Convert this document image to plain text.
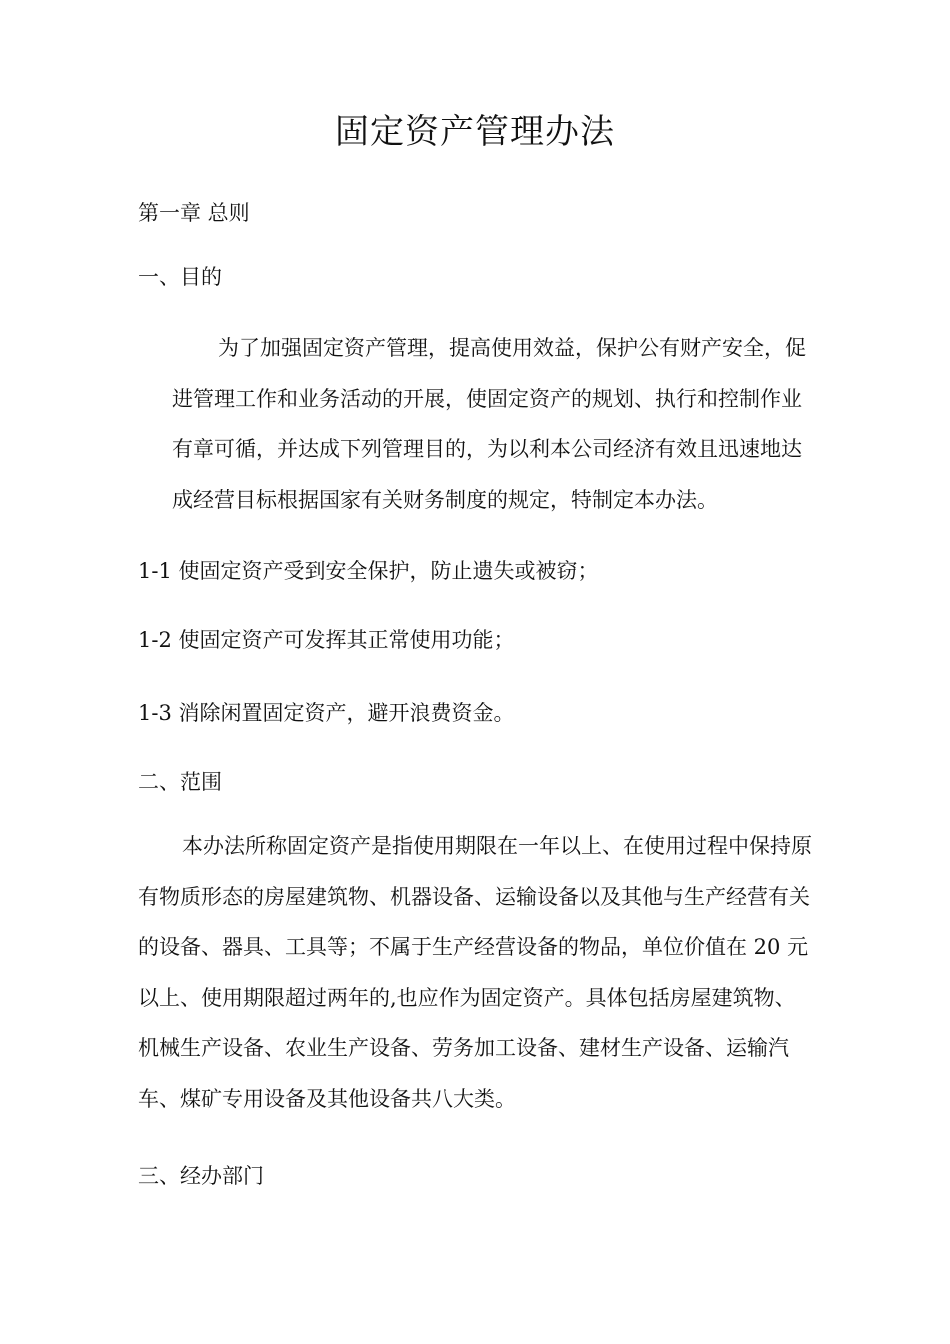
固定资产管理办法

第一章 总则

一、目的

为了加强固定资产管理，提高使用效益，保护公有财产安全，促
进管理工作和业务活动的开展，使固定资产的规划、执行和控制作业
有章可循，并达成下列管理目的，为以利本公司经济有效且迅速地达
成经营目标根据国家有关财务制度的规定，特制定本办法。

1-1 使固定资产受到安全保护，防止遗失或被窃；

1-2 使固定资产可发挥其正常使用功能；

1-3 消除闲置固定资产，避开浪费资金。

二、范围

本办法所称固定资产是指使用期限在一年以上、在使用过程中保持原
有物质形态的房屋建筑物、机器设备、运输设备以及其他与生产经营有关
的设备、器具、工具等；不属于生产经营设备的物品，单位价值在 20 元
以上、使用期限超过两年的,也应作为固定资产。具体包括房屋建筑物、
机械生产设备、农业生产设备、劳务加工设备、建材生产设备、运输汽
车、煤矿专用设备及其他设备共八大类。

三、经办部门
